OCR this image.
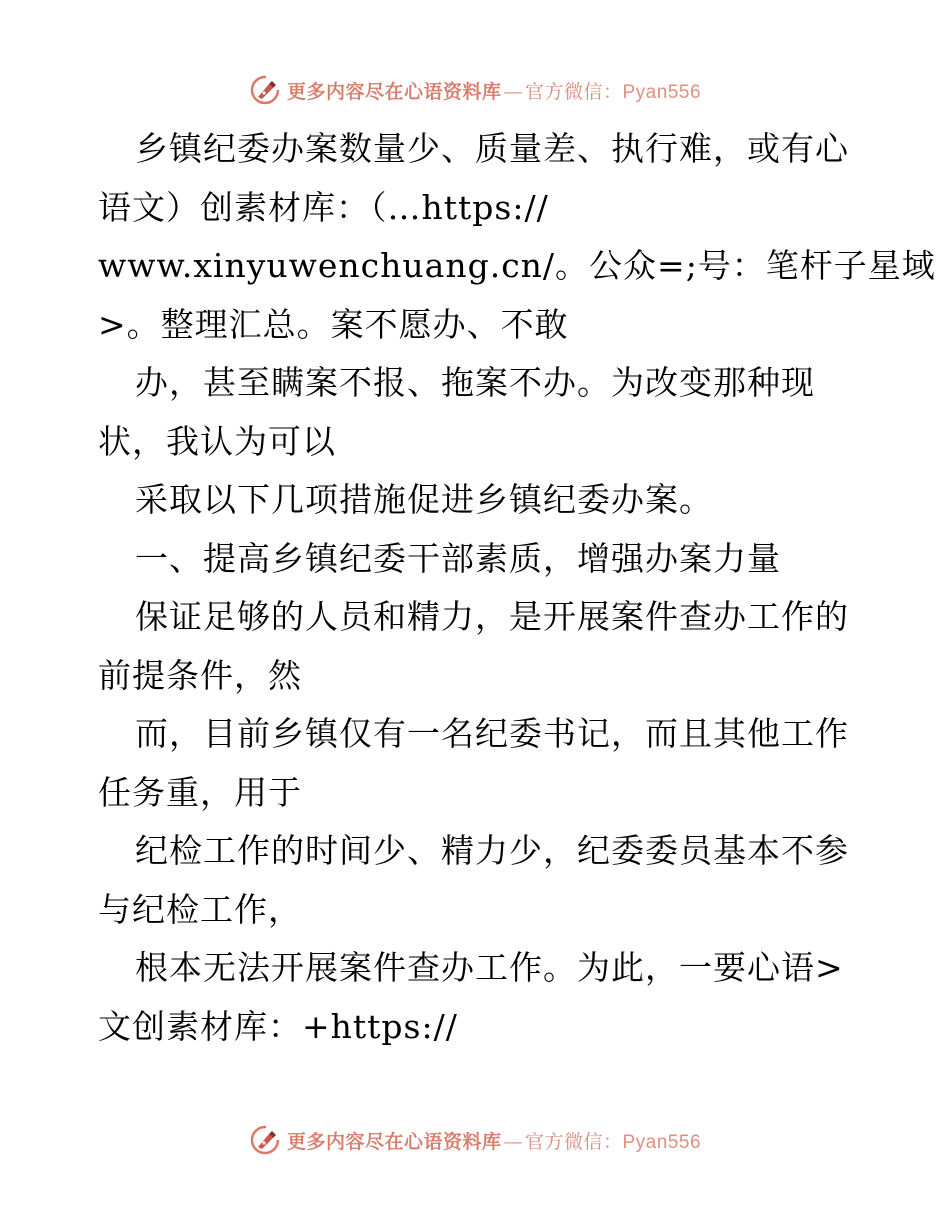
更多内容尽在心语资料库 — 官方微信：Pyan556
乡镇纪委办案数量少、质量差、执行难，或有心
语文）创素材库：（…https://
www.xinyuwenchuang.cn/。公众=;号：笔杆子星域
>。整理汇总。案不愿办、不敢
办，甚至瞒案不报、拖案不办。为改变那种现
状，我认为可以
采取以下几项措施促进乡镇纪委办案。
一、提高乡镇纪委干部素质，增强办案力量
保证足够的人员和精力，是开展案件查办工作的
前提条件，然
而，目前乡镇仅有一名纪委书记，而且其他工作
任务重，用于
纪检工作的时间少、精力少，纪委委员基本不参
与纪检工作，
根本无法开展案件查办工作。为此，一要心语>
文创素材库：+https://
更多内容尽在心语资料库 — 官方微信：Pyan556
